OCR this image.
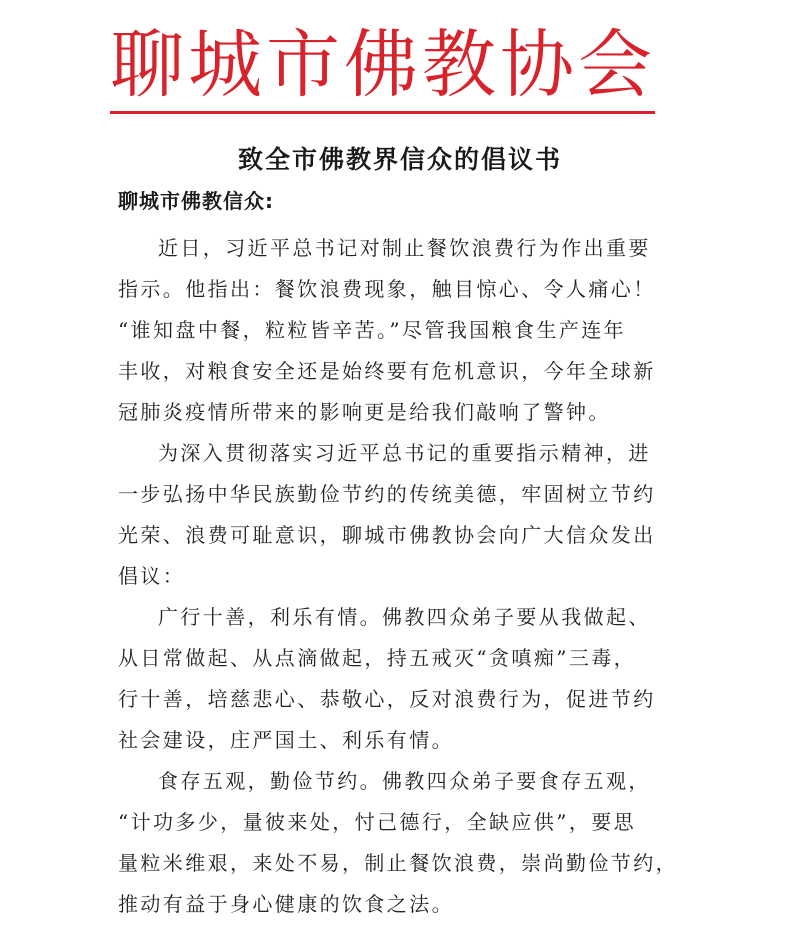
聊城市佛教协会
致全市佛教界信众的倡议书
聊城市佛教信众:
近日，习近平总书记对制止餐饮浪费行为作出重要
指示。他指出：餐饮浪费现象，触目惊心、令人痛心！
“谁知盘中餐，粒粒皆辛苦。”尽管我国粮食生产连年
丰收，对粮食安全还是始终要有危机意识，今年全球新
冠肺炎疫情所带来的影响更是给我们敲响了警钟。
为深入贯彻落实习近平总书记的重要指示精神，进
一步弘扬中华民族勤俭节约的传统美德，牢固树立节约
光荣、浪费可耻意识，聊城市佛教协会向广大信众发出
倡议：
广行十善，利乐有情。佛教四众弟子要从我做起、
从日常做起、从点滴做起，持五戒灭“贪嗔痴”三毒，
行十善，培慈悲心、恭敬心，反对浪费行为，促进节约
社会建设，庄严国土、利乐有情。
食存五观，勤俭节约。佛教四众弟子要食存五观，
“计功多少，量彼来处，忖己德行，全缺应供”，要思
量粒米维艰，来处不易，制止餐饮浪费，崇尚勤俭节约，
推动有益于身心健康的饮食之法。
